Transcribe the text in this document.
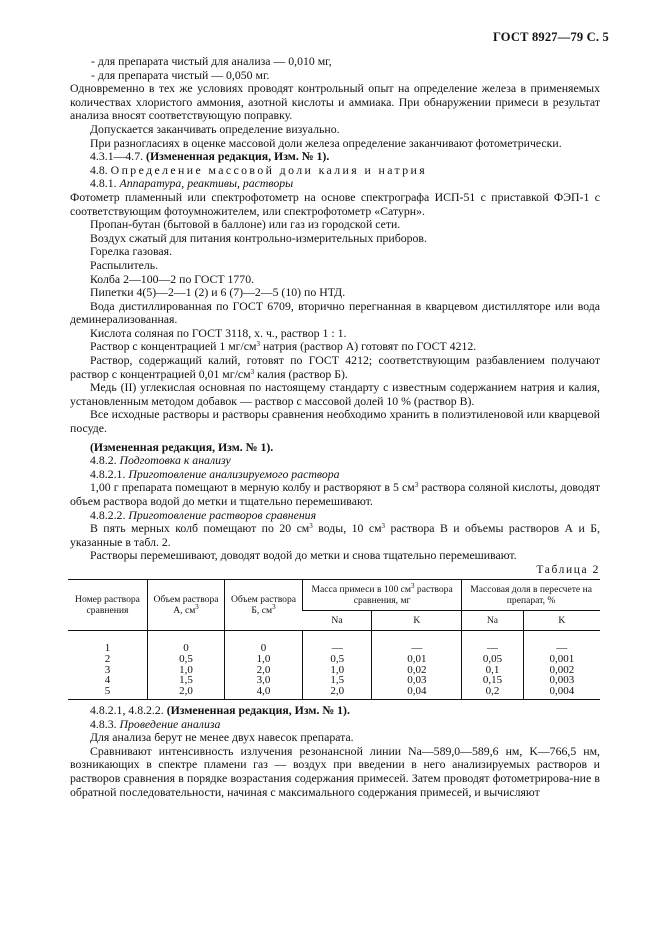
ГОСТ 8927—79 С. 5

- для препарата чистый для анализа — 0,010 мг,

- для препарата чистый — 0,050 мг.

Одновременно в тех же условиях проводят контрольный опыт на определение железа в применяемых количествах хлористого аммония, азотной кислоты и аммиака. При обнаружении примеси в результат анализа вносят соответствующую поправку.

Допускается заканчивать определение визуально.

При разногласиях в оценке массовой доли железа определение заканчивают фотометрически.

4.3.1—4.7. (Измененная редакция, Изм. № 1).

4.8. Определение массовой доли калия и натрия

4.8.1. Аппаратура, реактивы, растворы

Фотометр пламенный или спектрофотометр на основе спектрографа ИСП-51 с приставкой ФЭП-1 с соответствующим фотоумножителем, или спектрофотометр «Сатурн».

Пропан-бутан (бытовой в баллоне) или газ из городской сети.

Воздух сжатый для питания контрольно-измерительных приборов.

Горелка газовая.

Распылитель.

Колба 2—100—2 по ГОСТ 1770.

Пипетки 4(5)—2—1 (2) и 6 (7)—2—5 (10) по НТД.

Вода дистиллированная по ГОСТ 6709, вторично перегнанная в кварцевом дистилляторе или вода деминерализованная.

Кислота соляная по ГОСТ 3118, х. ч., раствор 1 : 1.

Раствор с концентрацией 1 $мг/см^3$ натрия (раствор А) готовят по ГОСТ 4212.

Раствор, содержащий калий, готовят по ГОСТ 4212; соответствующим разбавлением получают раствор с концентрацией 0,01 $мг/см^3$ калия (раствор Б).

Медь (II) углекислая основная по настоящему стандарту с известным содержанием натрия и калия, установленным методом добавок — раствор с массовой долей 10 % (раствор В).

Все исходные растворы и растворы сравнения необходимо хранить в полиэтиленовой или кварцевой посуде.

(Измененная редакция, Изм. № 1).

4.8.2. Подготовка к анализу

4.8.2.1. Приготовление анализируемого раствора

1,00 г препарата помещают в мерную колбу и растворяют в 5 $см^3$ раствора соляной кислоты, доводят объем раствора водой до метки и тщательно перемешивают.

4.8.2.2. Приготовление растворов сравнения

В пять мерных колб помещают по 20 $см^3$ воды, 10 $см^3$ раствора В и объемы растворов А и Б, указанные в табл. 2.

Растворы перемешивают, доводят водой до метки и снова тщательно перемешивают.

Таблица 2
Номер раствора сравнения	Объем раствора А, $см^3$	Объем раствора Б, $см^3$	Масса примеси в 100 $см^3$ раствора сравнения, мг		Массовая доля в пересчете на препарат, %	
			Na	K	Na	K
1	0	0	—	—	—	—
2	0,5	1,0	0,5	0,01	0,05	0,001
3	1,0	2,0	1,0	0,02	0,1	0,002
4	1,5	3,0	1,5	0,03	0,15	0,003
5	2,0	4,0	2,0	0,04	0,2	0,004

4.8.2.1, 4.8.2.2. (Измененная редакция, Изм. № 1).

4.8.3. Проведение анализа

Для анализа берут не менее двух навесок препарата.

Сравнивают интенсивность излучения резонансной линии Na—589,0—589,6 нм, K—766,5 нм, возникающих в спектре пламени газ — воздух при введении в него анализируемых растворов и растворов сравнения в порядке возрастания содержания примесей. Затем проводят фотометрирова-ние в обратной последовательности, начиная с максимального содержания примесей, и вычисляют
